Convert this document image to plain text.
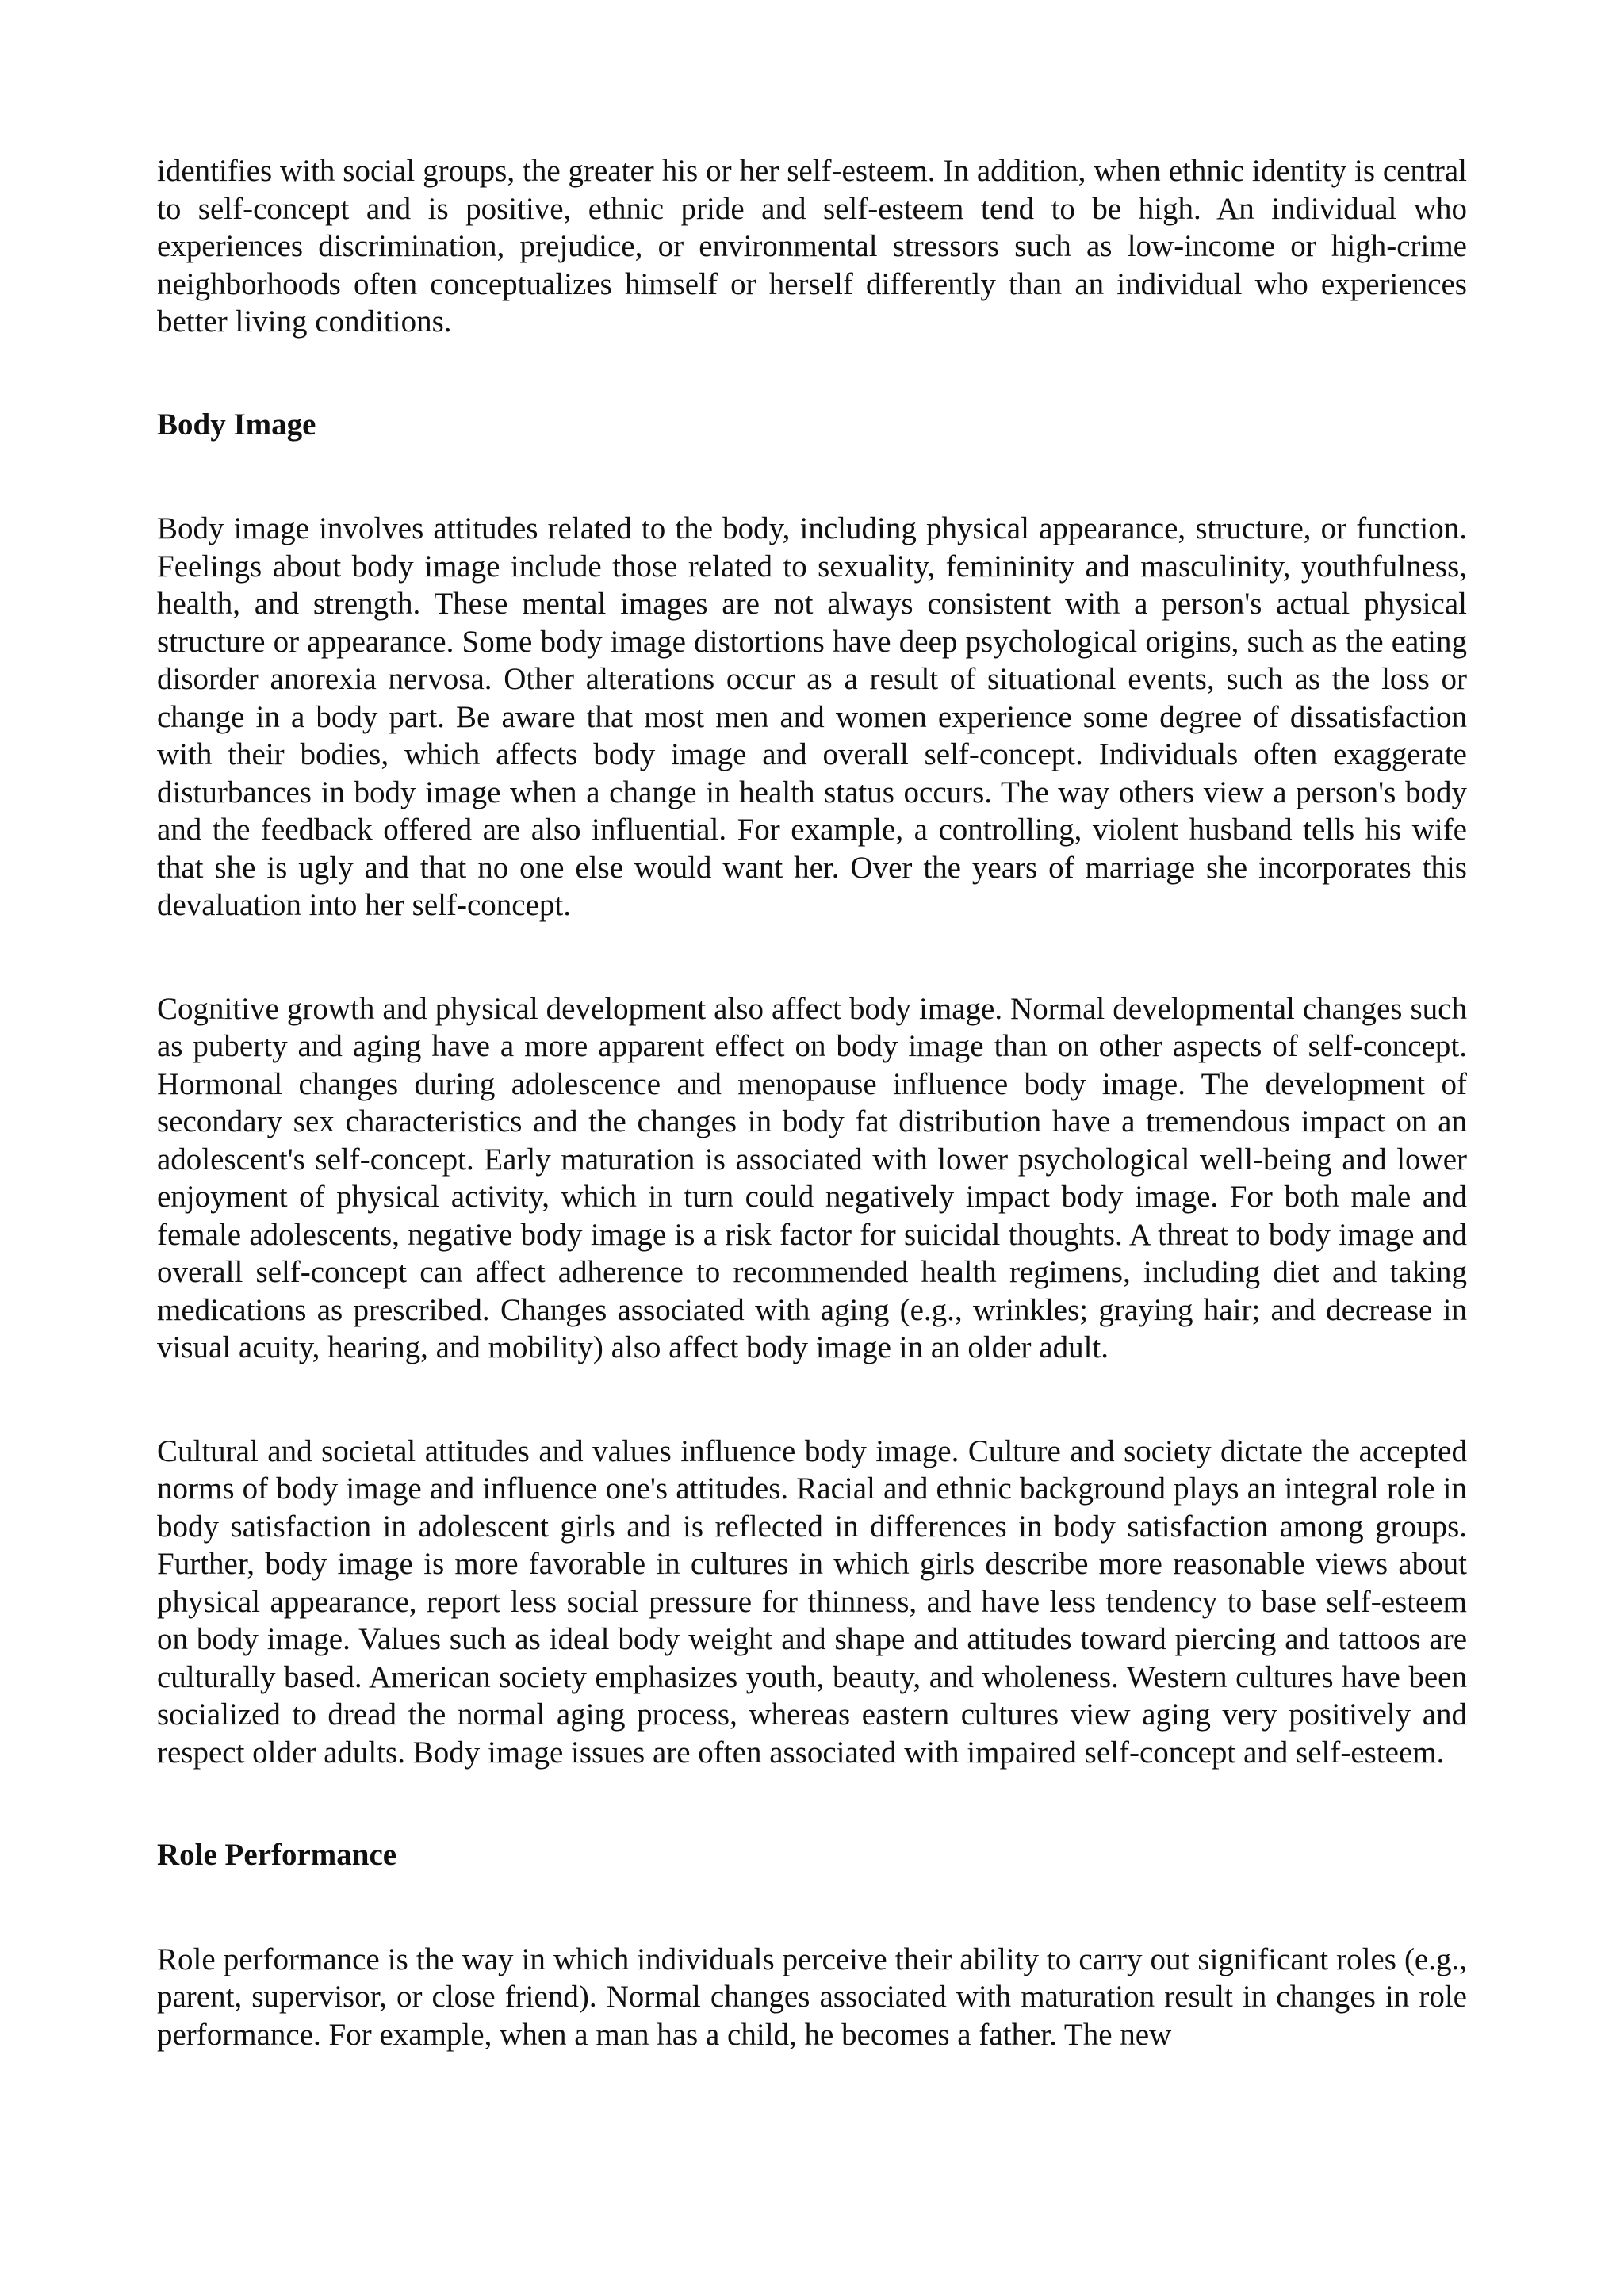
identifies with social groups, the greater his or her self-esteem. In addition, when ethnic identity is central to self-concept and is positive, ethnic pride and self-esteem tend to be high. An individual who experiences discrimination, prejudice, or environmental stressors such as low-income or high-crime neighborhoods often conceptualizes himself or herself differently than an individual who experiences better living conditions.

Body Image

Body image involves attitudes related to the body, including physical appearance, structure, or function. Feelings about body image include those related to sexuality, femininity and masculinity, youthfulness, health, and strength. These mental images are not always consistent with a person's actual physical structure or appearance. Some body image distortions have deep psychological origins, such as the eating disorder anorexia nervosa. Other alterations occur as a result of situational events, such as the loss or change in a body part. Be aware that most men and women experience some degree of dissatisfaction with their bodies, which affects body image and overall self-concept. Individuals often exaggerate disturbances in body image when a change in health status occurs. The way others view a person's body and the feedback offered are also influential. For example, a controlling, violent husband tells his wife that she is ugly and that no one else would want her. Over the years of marriage she incorporates this devaluation into her self-concept.

Cognitive growth and physical development also affect body image. Normal developmental changes such as puberty and aging have a more apparent effect on body image than on other aspects of self-concept. Hormonal changes during adolescence and menopause influence body image. The development of secondary sex characteristics and the changes in body fat distribution have a tremendous impact on an adolescent's self-concept. Early maturation is associated with lower psychological well-being and lower enjoyment of physical activity, which in turn could negatively impact body image. For both male and female adolescents, negative body image is a risk factor for suicidal thoughts. A threat to body image and overall self-concept can affect adherence to recommended health regimens, including diet and taking medications as prescribed. Changes associated with aging (e.g., wrinkles; graying hair; and decrease in visual acuity, hearing, and mobility) also affect body image in an older adult.

Cultural and societal attitudes and values influence body image. Culture and society dictate the accepted norms of body image and influence one's attitudes. Racial and ethnic background plays an integral role in body satisfaction in adolescent girls and is reflected in differences in body satisfaction among groups. Further, body image is more favorable in cultures in which girls describe more reasonable views about physical appearance, report less social pressure for thinness, and have less tendency to base self-esteem on body image. Values such as ideal body weight and shape and attitudes toward piercing and tattoos are culturally based. American society emphasizes youth, beauty, and wholeness. Western cultures have been socialized to dread the normal aging process, whereas eastern cultures view aging very positively and respect older adults. Body image issues are often associated with impaired self-concept and self-esteem.

Role Performance

Role performance is the way in which individuals perceive their ability to carry out significant roles (e.g., parent, supervisor, or close friend). Normal changes associated with maturation result in changes in role performance. For example, when a man has a child, he becomes a father. The new
